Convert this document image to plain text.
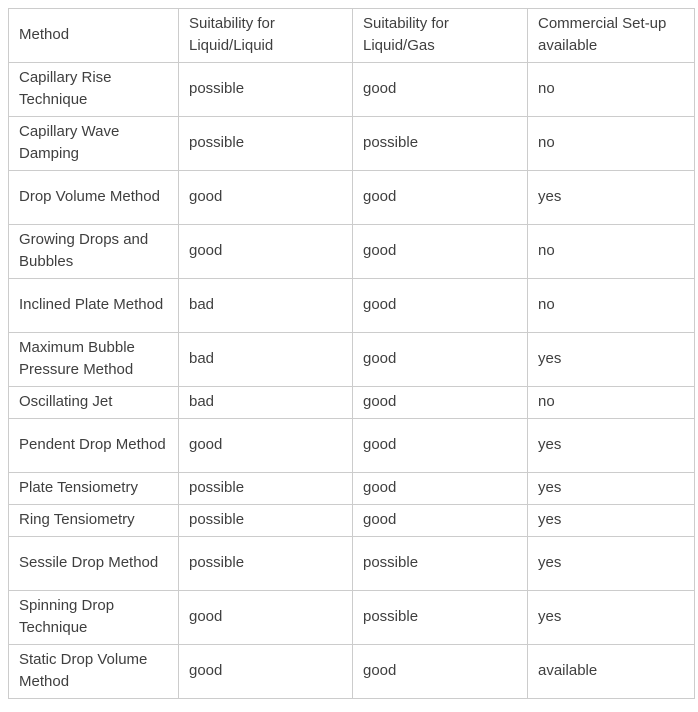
Method	Suitability for Liquid/Liquid	Suitability for Liquid/Gas	Commercial Set-up available
Capillary Rise Technique	possible	good	no
Capillary Wave Damping	possible	possible	no
Drop Volume Method	good	good	yes
Growing Drops and Bubbles	good	good	no
Inclined Plate Method	bad	good	no
Maximum Bubble Pressure Method	bad	good	yes
Oscillating Jet	bad	good	no
Pendent Drop Method	good	good	yes
Plate Tensiometry	possible	good	yes
Ring Tensiometry	possible	good	yes
Sessile Drop Method	possible	possible	yes
Spinning Drop Technique	good	possible	yes
Static Drop Volume Method	good	good	available
